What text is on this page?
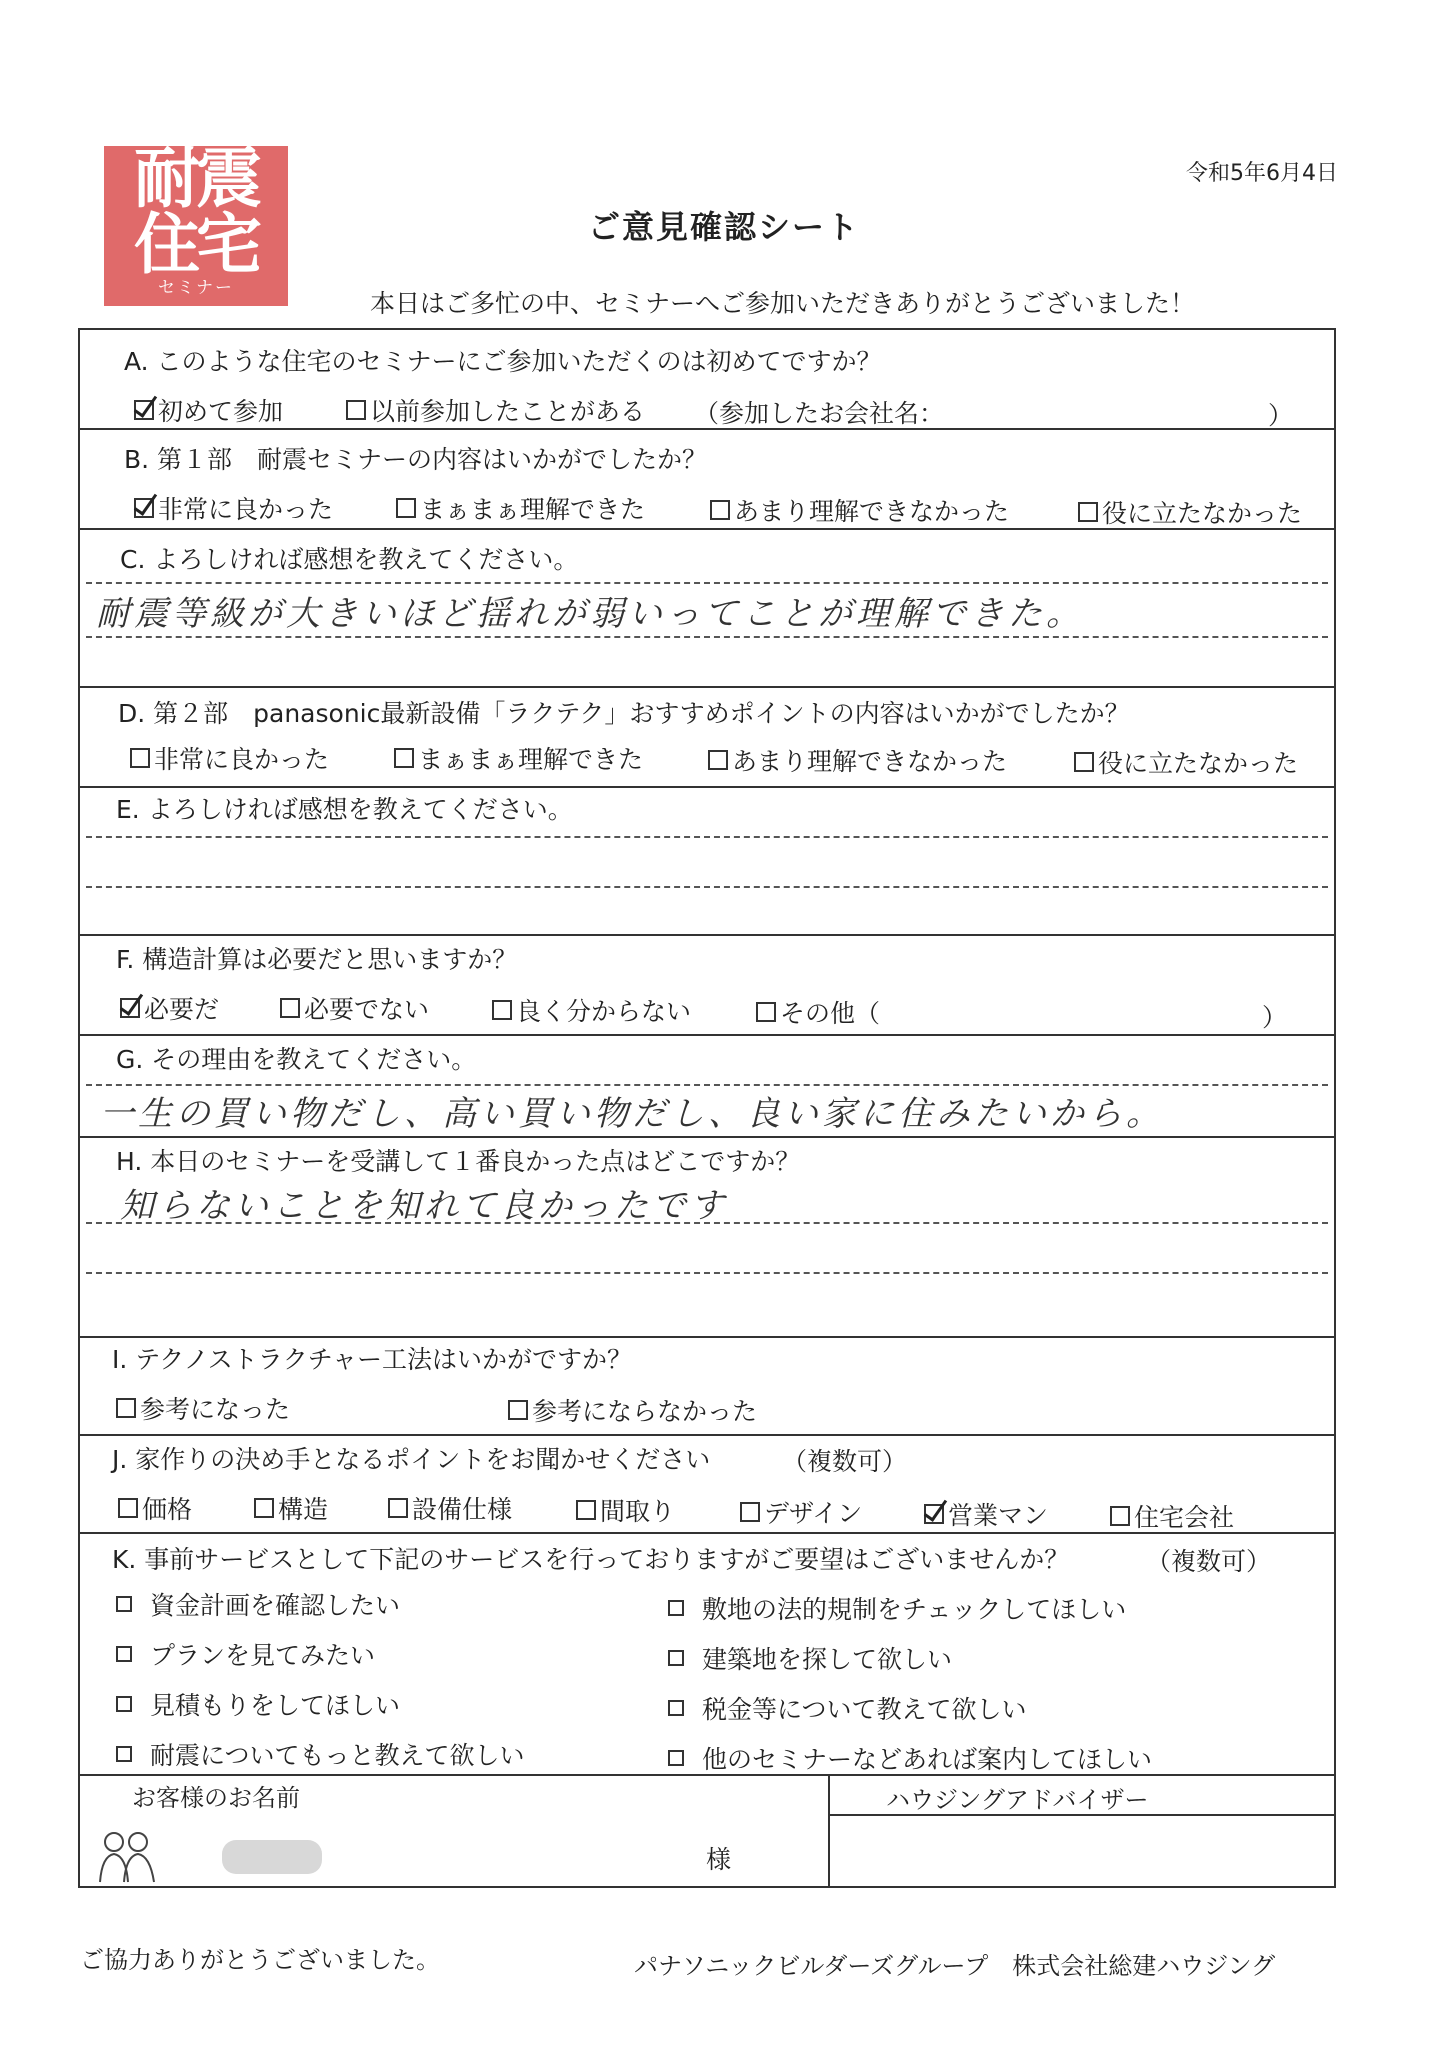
耐震
住宅
セミナー
令和5年6月4日
ご意見確認シート
本日はご多忙の中、セミナーへご参加いただきありがとうございました！
A. このような住宅のセミナーにご参加いただくのは初めてですか？
初めて参加	以前参加したことがある （参加したお会社名：	）
B. 第１部　耐震セミナーの内容はいかがでしたか？
非常に良かった	まぁまぁ理解できた	あまり理解できなかった	役に立たなかった
C. よろしければ感想を教えてください。
耐震等級が大きいほど揺れが弱いってことが理解できた。
D. 第２部　panasonic最新設備「ラクテク」おすすめポイントの内容はいかがでしたか？
非常に良かった	まぁまぁ理解できた	あまり理解できなかった	役に立たなかった
E. よろしければ感想を教えてください。
F. 構造計算は必要だと思いますか？
必要だ	必要でない	良く分からない	その他（	）
G. その理由を教えてください。
一生の買い物だし、高い買い物だし、良い家に住みたいから。
H. 本日のセミナーを受講して１番良かった点はどこですか？
知らないことを知れて良かったです
I. テクノストラクチャー工法はいかがですか？
参考になった	参考にならなかった
J. 家作りの決め手となるポイントをお聞かせください	（複数可）
価格	構造	設備仕様	間取り	デザイン	営業マン	住宅会社
K. 事前サービスとして下記のサービスを行っておりますがご要望はございませんか？	（複数可）
資金計画を確認したい
プランを見てみたい
見積もりをしてほしい
耐震についてもっと教えて欲しい
敷地の法的規制をチェックしてほしい
建築地を探して欲しい
税金等について教えて欲しい
他のセミナーなどあれば案内してほしい
お客様のお名前
様
ハウジングアドバイザー
ご協力ありがとうございました。	パナソニックビルダーズグループ　株式会社総建ハウジング
